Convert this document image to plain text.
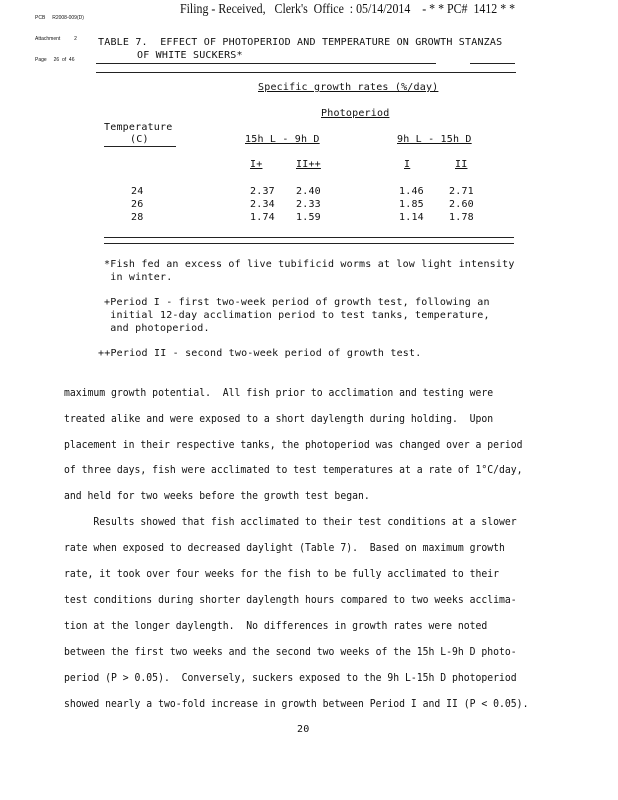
Filing - Received,   Clerk's  Office  : 05/14/2014    - * * PC#  1412 * *

PCB     R2008-009(D)

Attachment          2

Page     26  of  46

TABLE 7.  EFFECT OF PHOTOPERIOD AND TEMPERATURE ON GROWTH STANZAS
OF WHITE SUCKERS*
Specific growth rates (%/day)
Photoperiod
Temperature
(C)	15h L - 9h D	9h L - 15h D
I+	II++	I	II
24	2.37 2.40	1.46	2.71
26	2.34 2.33	1.85	2.60
28	1.74 1.59	1.14	1.78
*Fish fed an excess of live tubificid worms at low light intensity
in winter.
+Period I - first two-week period of growth test, following an
initial 12-day acclimation period to test tanks, temperature,
and photoperiod.
++Period II - second two-week period of growth test.
maximum growth potential.  All fish prior to acclimation and testing were
treated alike and were exposed to a short daylength during holding.  Upon
placement in their respective tanks, the photoperiod was changed over a period
of three days, fish were acclimated to test temperatures at a rate of 1°C/day,
and held for two weeks before the growth test began.
Results showed that fish acclimated to their test conditions at a slower
rate when exposed to decreased daylight (Table 7).  Based on maximum growth
rate, it took over four weeks for the fish to be fully acclimated to their
test conditions during shorter daylength hours compared to two weeks acclima-
tion at the longer daylength.  No differences in growth rates were noted
between the first two weeks and the second two weeks of the 15h L-9h D photo-
period (P > 0.05).  Conversely, suckers exposed to the 9h L-15h D photoperiod
showed nearly a two-fold increase in growth between Period I and II (P < 0.05).
20
